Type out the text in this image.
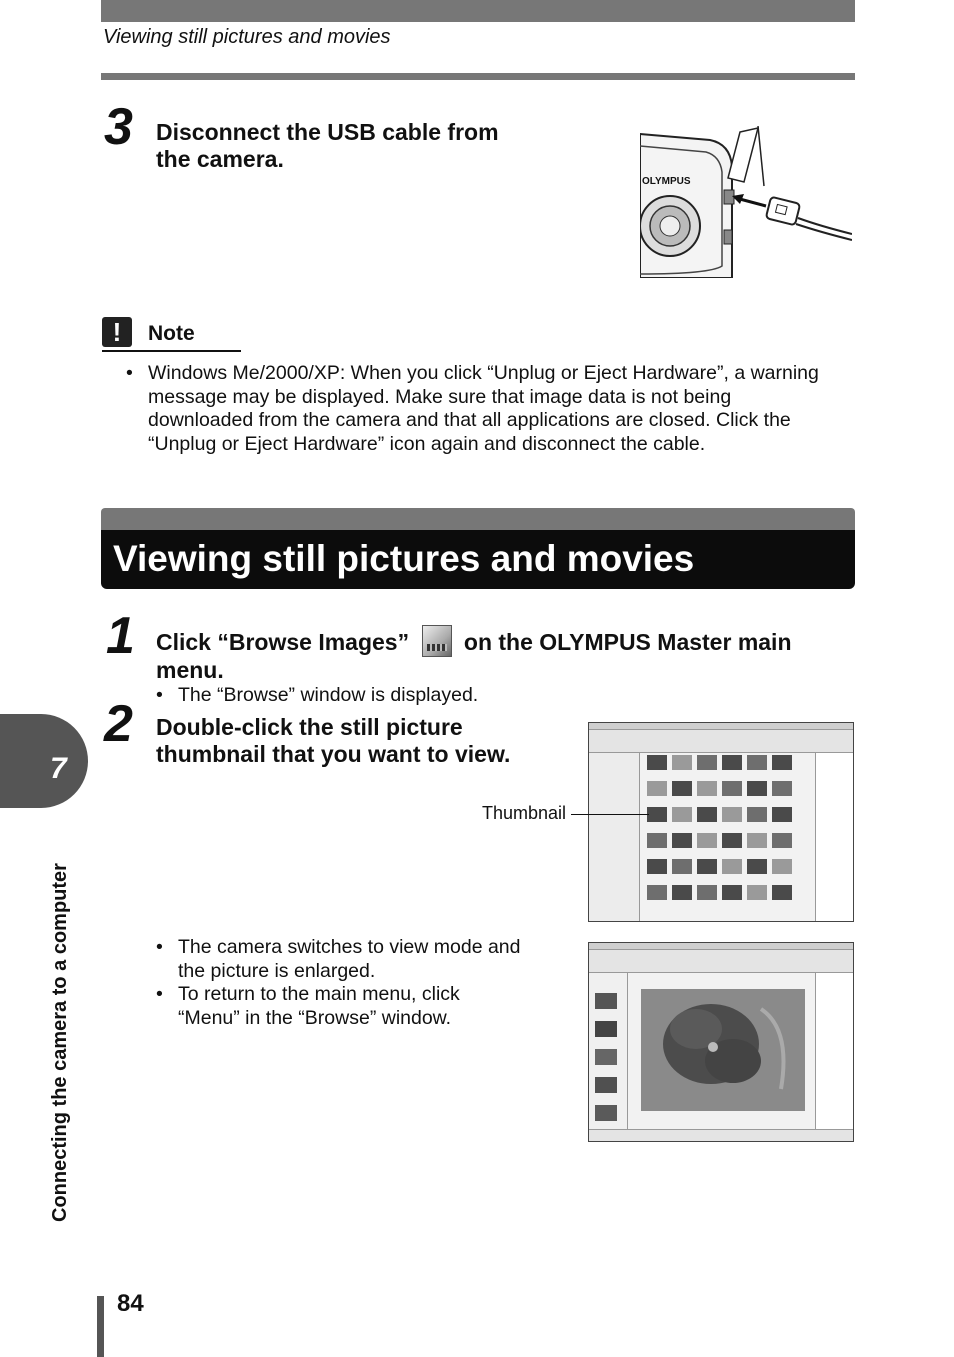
Viewing still pictures and movies
3 Disconnect the USB cable from
the camera.
OLYMPUS
!	Note
• Windows Me/2000/XP: When you click “Unplug or Eject Hardware”, a warning
message may be displayed. Make sure that image data is not being
downloaded from the camera and that all applications are closed. Click the
“Unplug or Eject Hardware” icon again and disconnect the cable.
Viewing still pictures and movies
1 Click “Browse Images” on the OLYMPUS Master main
menu.
• The “Browse” window is displayed.
2 Double-click the still picture
thumbnail that you want to view.
Thumbnail
• The camera switches to view mode and
the picture is enlarged.
• To return to the main menu, click
“Menu” in the “Browse” window.
7
Connecting the camera to a computer
84
